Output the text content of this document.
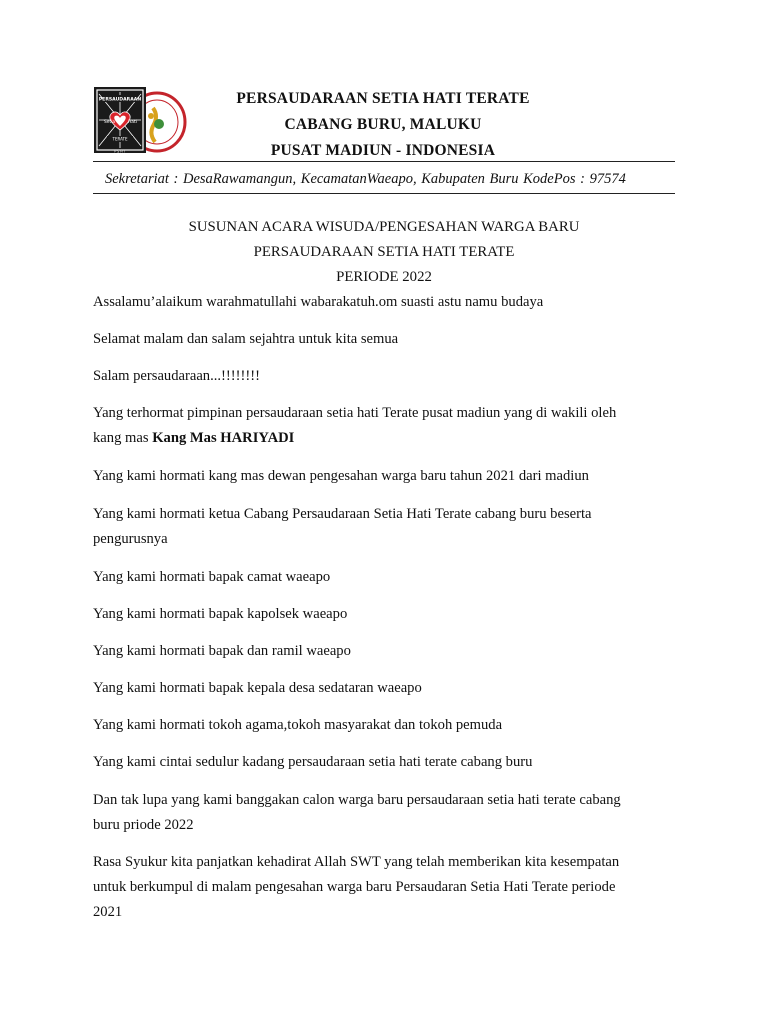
PERSAUDARAAN
Setia	Hati
TERATE
P S H T
PERSAUDARAAN SETIA HATI TERATE
CABANG BURU, MALUKU
PUSAT MADIUN - INDONESIA
Sekretariat : DesaRawamangun, KecamatanWaeapo, Kabupaten Buru KodePos : 97574
SUSUNAN ACARA WISUDA/PENGESAHAN WARGA BARU
PERSAUDARAAN SETIA HATI TERATE
PERIODE 2022
Assalamu’alaikum warahmatullahi wabarakatuh.om suasti astu namu budaya
Selamat malam dan salam sejahtra untuk kita semua
Salam persaudaraan...!!!!!!!!
Yang terhormat pimpinan persaudaraan setia hati Terate pusat madiun yang di wakili oleh
kang mas Kang Mas HARIYADI
Yang kami hormati kang mas dewan pengesahan warga baru tahun 2021 dari madiun
Yang kami hormati ketua Cabang Persaudaraan Setia Hati Terate cabang buru beserta
pengurusnya
Yang kami hormati bapak camat waeapo
Yang kami hormati bapak kapolsek waeapo
Yang kami hormati bapak dan ramil waeapo
Yang kami hormati bapak kepala desa sedataran waeapo
Yang kami hormati tokoh agama,tokoh masyarakat dan tokoh pemuda
Yang kami cintai sedulur kadang persaudaraan setia hati terate cabang buru
Dan tak lupa yang kami banggakan calon warga baru persaudaraan setia hati terate cabang
buru priode 2022
Rasa Syukur kita panjatkan kehadirat Allah SWT yang telah memberikan kita kesempatan
untuk berkumpul di malam pengesahan warga baru Persaudaran Setia Hati Terate periode
2021
